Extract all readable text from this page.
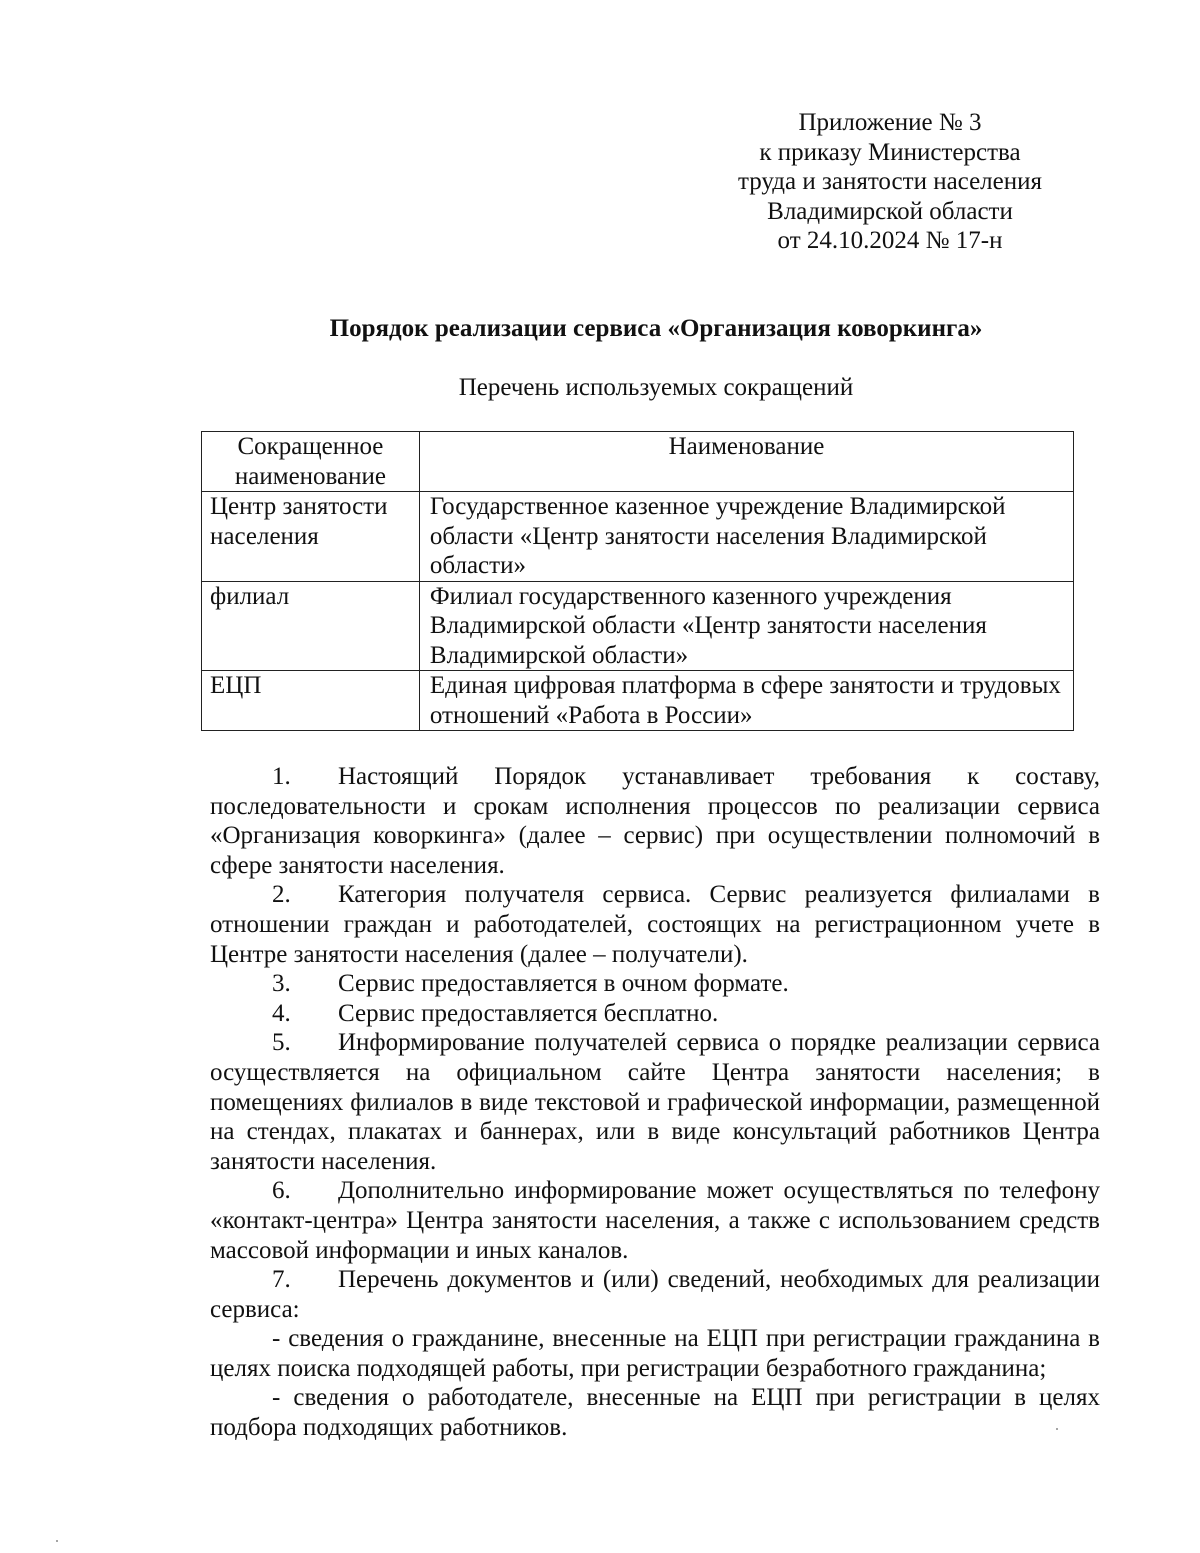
Приложение № 3
к приказу Министерства
труда и занятости населения
Владимирской области
от 24.10.2024 № 17-н
Порядок реализации сервиса «Организация коворкинга»
Перечень используемых сокращений
Сокращенное наименование	Наименование
Центр занятости населения	Государственное казенное учреждение Владимирской области «Центр занятости населения Владимирской области»
филиал	Филиал государственного казенного учреждения Владимирской области «Центр занятости населения Владимирской области»
ЕЦП	Единая цифровая платформа в сфере занятости и трудовых отношений «Работа в России»

1. Настоящий Порядок устанавливает требования к составу, последовательности и срокам исполнения процессов по реализации сервиса «Организация коворкинга» (далее – сервис) при осуществлении полномочий в сфере занятости населения.

2. Категория получателя сервиса. Сервис реализуется филиалами в отношении граждан и работодателей, состоящих на регистрационном учете в Центре занятости населения (далее – получатели).

3. Сервис предоставляется в очном формате.

4. Сервис предоставляется бесплатно.

5. Информирование получателей сервиса о порядке реализации сервиса осуществляется на официальном сайте Центра занятости населения; в помещениях филиалов в виде текстовой и графической информации, размещенной на стендах, плакатах и баннерах, или в виде консультаций работников Центра занятости населения.

6. Дополнительно информирование может осуществляться по телефону «контакт-центра» Центра занятости населения, а также с использованием средств массовой информации и иных каналов.

7. Перечень документов и (или) сведений, необходимых для реализации сервиса:

- сведения о гражданине, внесенные на ЕЦП при регистрации гражданина в целях поиска подходящей работы, при регистрации безработного гражданина;

- сведения о работодателе, внесенные на ЕЦП при регистрации в целях подбора подходящих работников.
